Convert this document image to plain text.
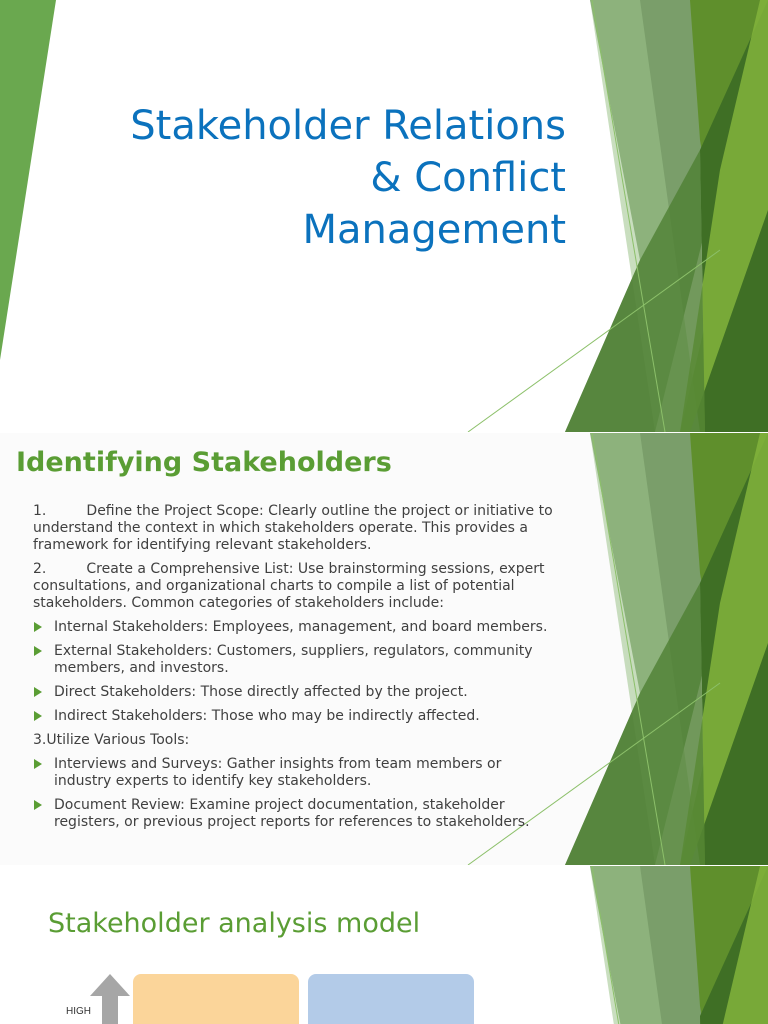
Stakeholder Relations
& Conflict
Management
Identifying Stakeholders

1.         Define the Project Scope: Clearly outline the project or initiative to understand the context in which stakeholders operate. This provides a framework for identifying relevant stakeholders.

2.         Create a Comprehensive List: Use brainstorming sessions, expert consultations, and organizational charts to compile a list of potential stakeholders. Common categories of stakeholders include:

Internal Stakeholders: Employees, management, and board members.
External Stakeholders: Customers, suppliers, regulators, community members, and investors.
Direct Stakeholders: Those directly affected by the project.
Indirect Stakeholders: Those who may be indirectly affected.

3.Utilize Various Tools:

Interviews and Surveys: Gather insights from team members or industry experts to identify key stakeholders.
Document Review: Examine project documentation, stakeholder registers, or previous project reports for references to stakeholders.
Stakeholder analysis model
HIGH
